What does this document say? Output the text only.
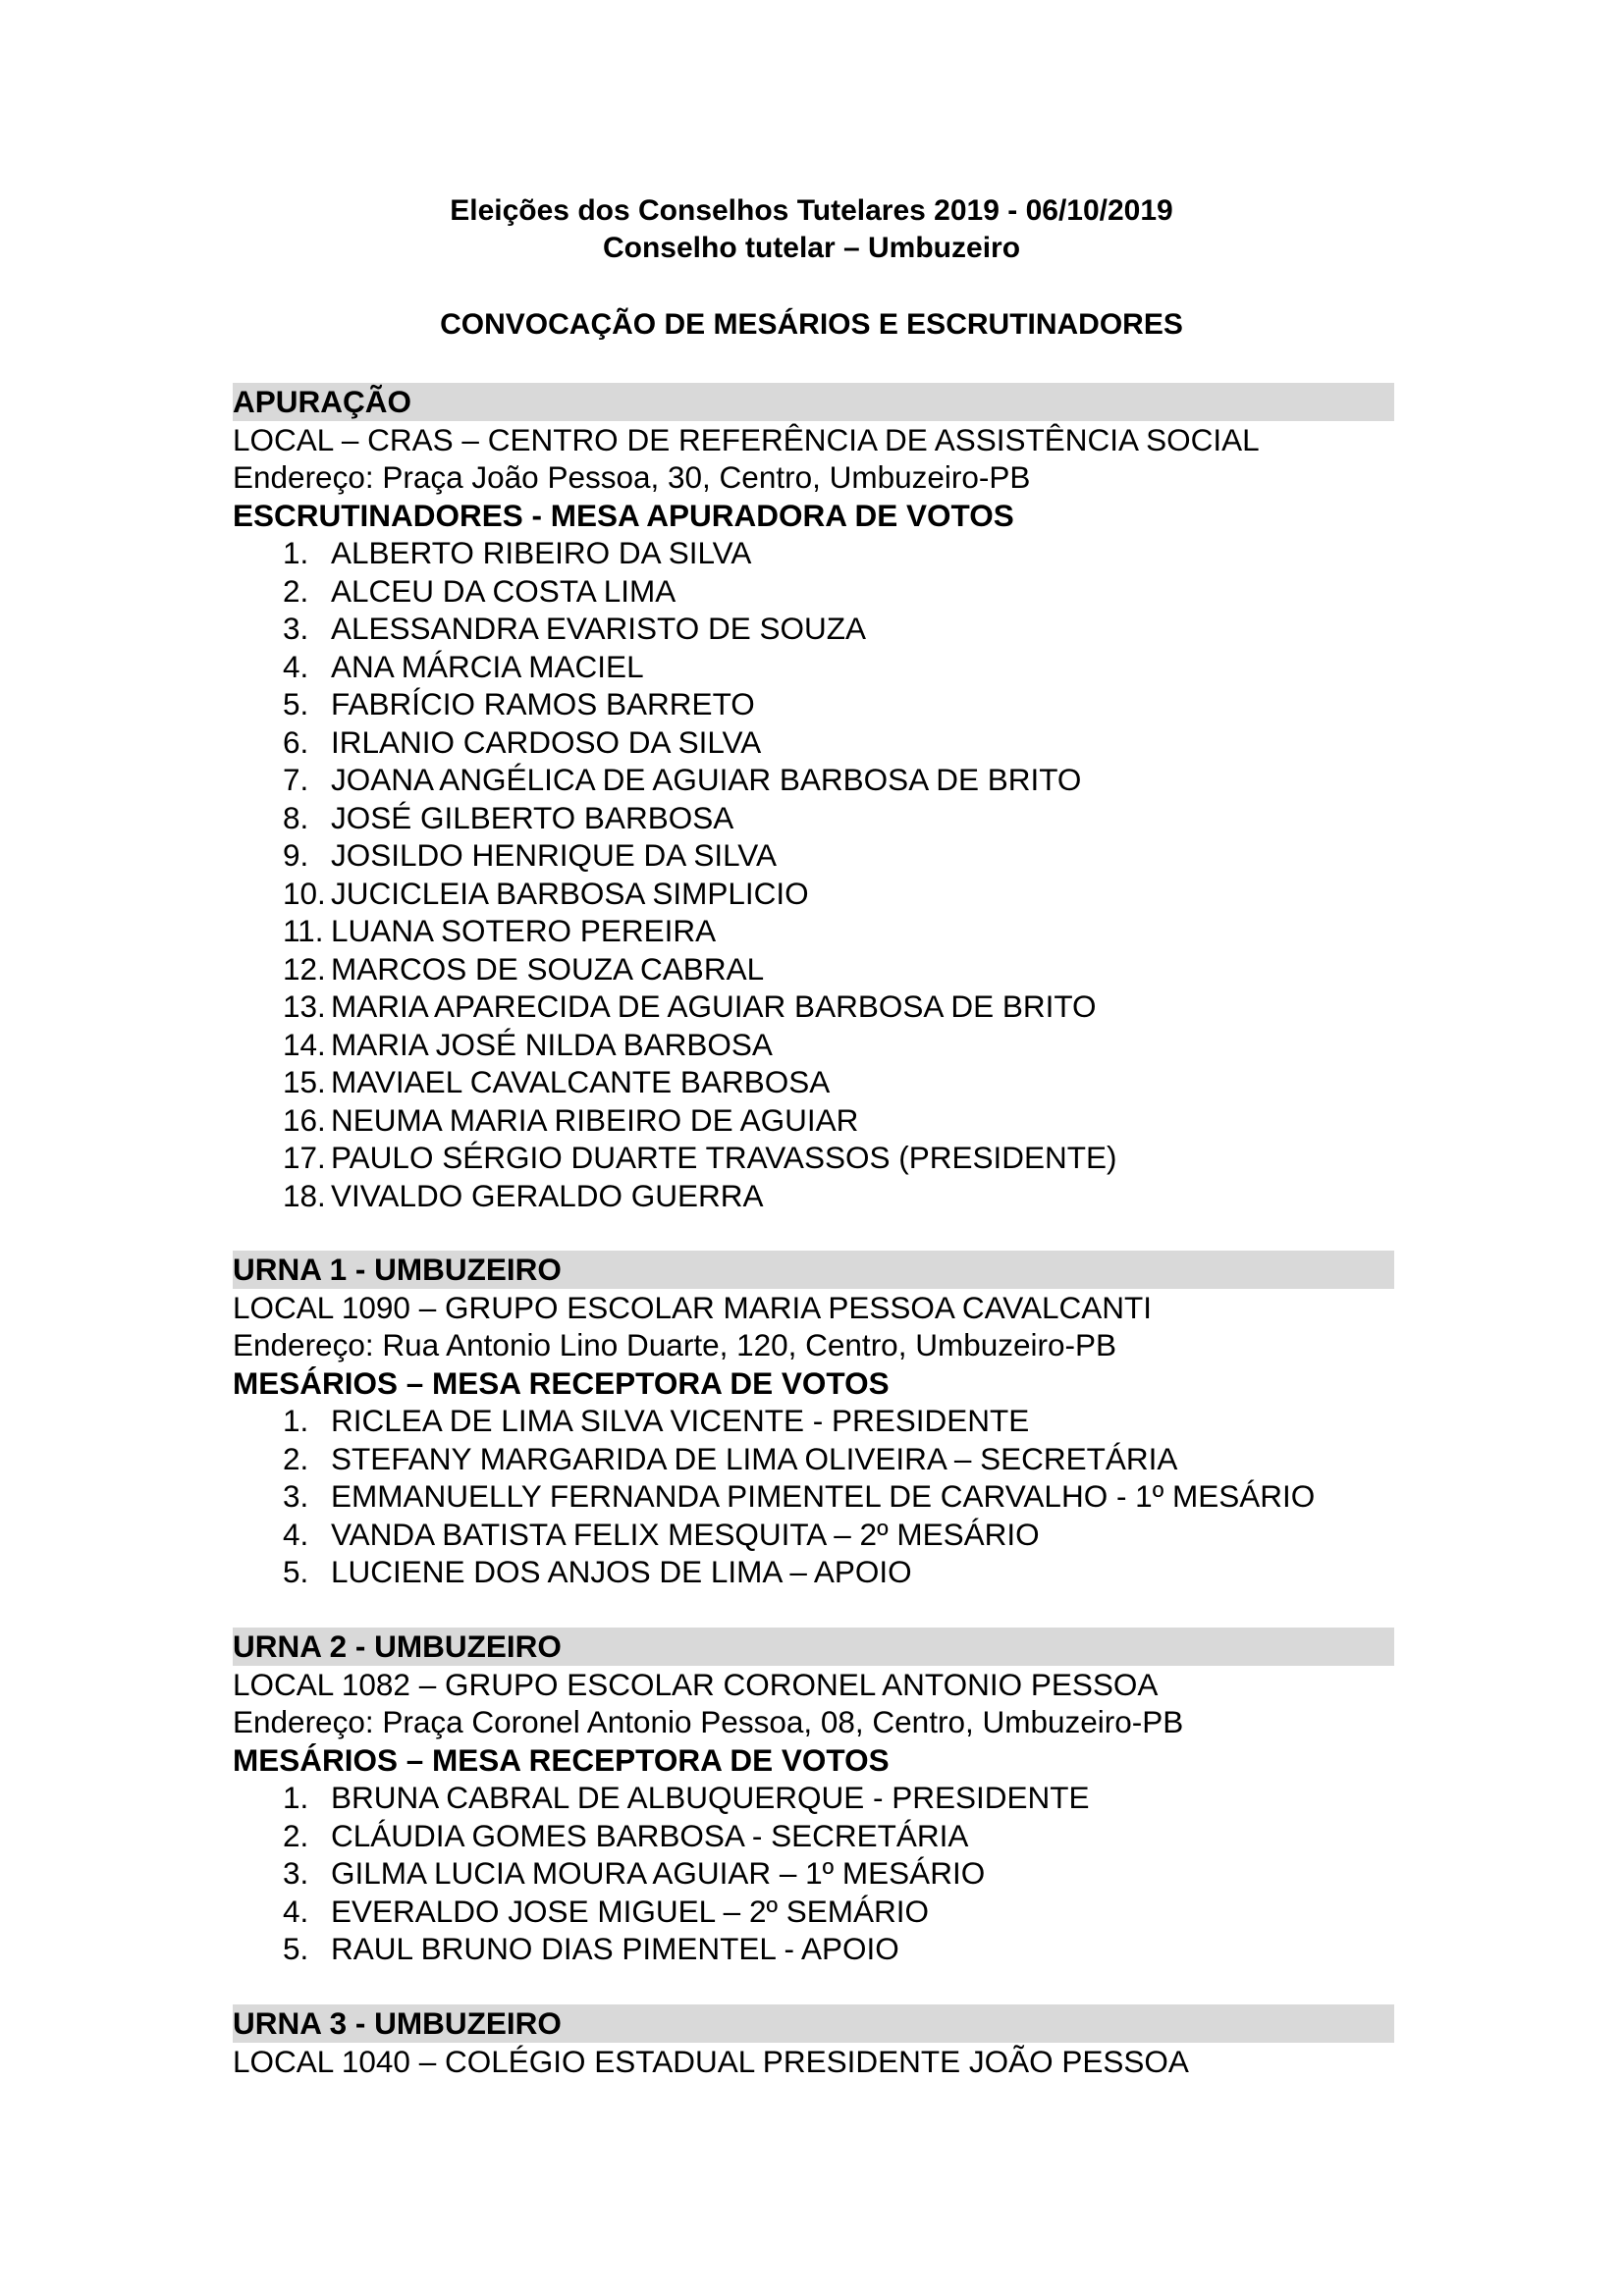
Eleições dos Conselhos Tutelares 2019 - 06/10/2019
Conselho tutelar – Umbuzeiro
CONVOCAÇÃO DE MESÁRIOS E ESCRUTINADORES
APURAÇÃO
LOCAL – CRAS – CENTRO DE REFERÊNCIA DE ASSISTÊNCIA SOCIAL
Endereço: Praça João Pessoa, 30, Centro, Umbuzeiro-PB
ESCRUTINADORES - MESA APURADORA DE VOTOS
1. ALBERTO RIBEIRO DA SILVA
2. ALCEU DA COSTA LIMA
3. ALESSANDRA EVARISTO DE SOUZA
4. ANA MÁRCIA MACIEL
5. FABRÍCIO RAMOS BARRETO
6. IRLANIO CARDOSO DA SILVA
7. JOANA ANGÉLICA DE AGUIAR BARBOSA DE BRITO
8. JOSÉ GILBERTO BARBOSA
9. JOSILDO HENRIQUE DA SILVA
10. JUCICLEIA BARBOSA SIMPLICIO
11. LUANA SOTERO PEREIRA
12. MARCOS DE SOUZA CABRAL
13. MARIA APARECIDA DE AGUIAR BARBOSA DE BRITO
14. MARIA JOSÉ NILDA BARBOSA
15. MAVIAEL CAVALCANTE BARBOSA
16. NEUMA MARIA RIBEIRO DE AGUIAR
17. PAULO SÉRGIO DUARTE TRAVASSOS (PRESIDENTE)
18. VIVALDO GERALDO GUERRA
URNA 1 - UMBUZEIRO
LOCAL 1090 – GRUPO ESCOLAR MARIA PESSOA CAVALCANTI
Endereço: Rua Antonio Lino Duarte, 120, Centro, Umbuzeiro-PB
MESÁRIOS – MESA RECEPTORA DE VOTOS
1. RICLEA DE LIMA SILVA VICENTE - PRESIDENTE
2. STEFANY MARGARIDA DE LIMA OLIVEIRA – SECRETÁRIA
3. EMMANUELLY FERNANDA PIMENTEL DE CARVALHO - 1º MESÁRIO
4. VANDA BATISTA FELIX MESQUITA – 2º MESÁRIO
5. LUCIENE DOS ANJOS DE LIMA – APOIO
URNA 2 - UMBUZEIRO
LOCAL 1082 – GRUPO ESCOLAR CORONEL ANTONIO PESSOA
Endereço: Praça Coronel Antonio Pessoa, 08, Centro, Umbuzeiro-PB
MESÁRIOS – MESA RECEPTORA DE VOTOS
1. BRUNA CABRAL DE ALBUQUERQUE - PRESIDENTE
2. CLÁUDIA GOMES BARBOSA - SECRETÁRIA
3. GILMA LUCIA MOURA AGUIAR – 1º MESÁRIO
4. EVERALDO JOSE MIGUEL – 2º SEMÁRIO
5. RAUL BRUNO DIAS PIMENTEL - APOIO
URNA 3 - UMBUZEIRO
LOCAL 1040 – COLÉGIO ESTADUAL PRESIDENTE JOÃO PESSOA
